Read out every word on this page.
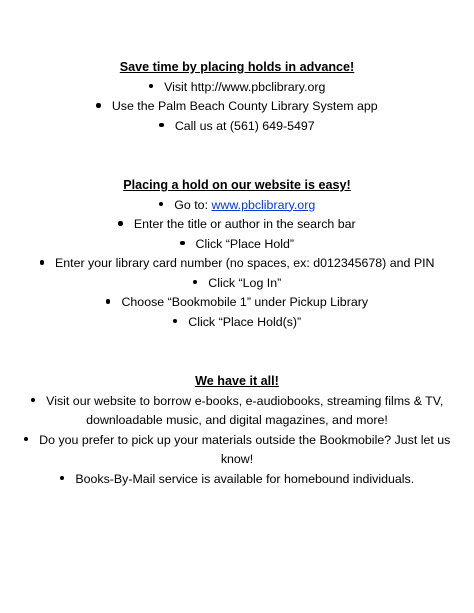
Save time by placing holds in advance!

Visit http://www.pbclibrary.org
Use the Palm Beach County Library System app
Call us at (561) 649-5497

Placing a hold on our website is easy!

Go to: www.pbclibrary.org
Enter the title or author in the search bar
Click “Place Hold”
Enter your library card number (no spaces, ex: d012345678) and PIN
Click “Log In”
Choose “Bookmobile 1” under Pickup Library
Click “Place Hold(s)”

We have it all!

Visit our website to borrow e-books, e-audiobooks, streaming films & TV, downloadable music, and digital magazines, and more!
Do you prefer to pick up your materials outside the Bookmobile? Just let us know!
Books-By-Mail service is available for homebound individuals.
